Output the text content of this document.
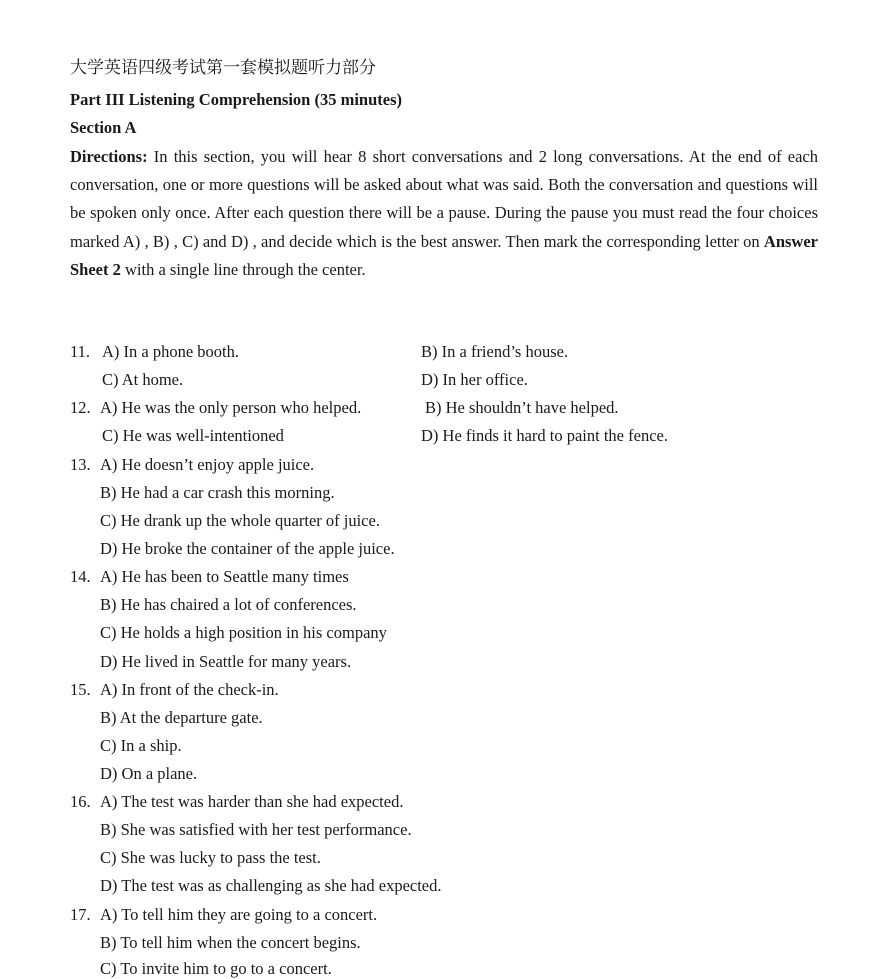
大学英语四级考试第一套模拟题听力部分
Part III Listening Comprehension (35 minutes)
Section A
Directions: In this section, you will hear 8 short conversations and 2 long conversations. At the end of each conversation, one or more questions will be asked about what was said. Both the conversation and questions will be spoken only once. After each question there will be a pause. During the pause you must read the four choices marked A) , B) , C) and D) , and decide which is the best answer. Then mark the corresponding letter on Answer Sheet 2 with a single line through the center.
11. A) In a phone booth.	B) In a friend’s house.
C) At home.	D) In her office.
12. A) He was the only person who helped.	B) He shouldn’t have helped.
C) He was well-intentioned	D) He finds it hard to paint the fence.
13. A) He doesn’t enjoy apple juice.
B) He had a car crash this morning.
C) He drank up the whole quarter of juice.
D) He broke the container of the apple juice.
14. A) He has been to Seattle many times
B) He has chaired a lot of conferences.
C) He holds a high position in his company
D) He lived in Seattle for many years.
15. A) In front of the check-in.
B) At the departure gate.
C) In a ship.
D) On a plane.
16. A) The test was harder than she had expected.
B) She was satisfied with her test performance.
C) She was lucky to pass the test.
D) The test was as challenging as she had expected.
17. A) To tell him they are going to a concert.
B) To tell him when the concert begins.
C) To invite him to go to a concert.
